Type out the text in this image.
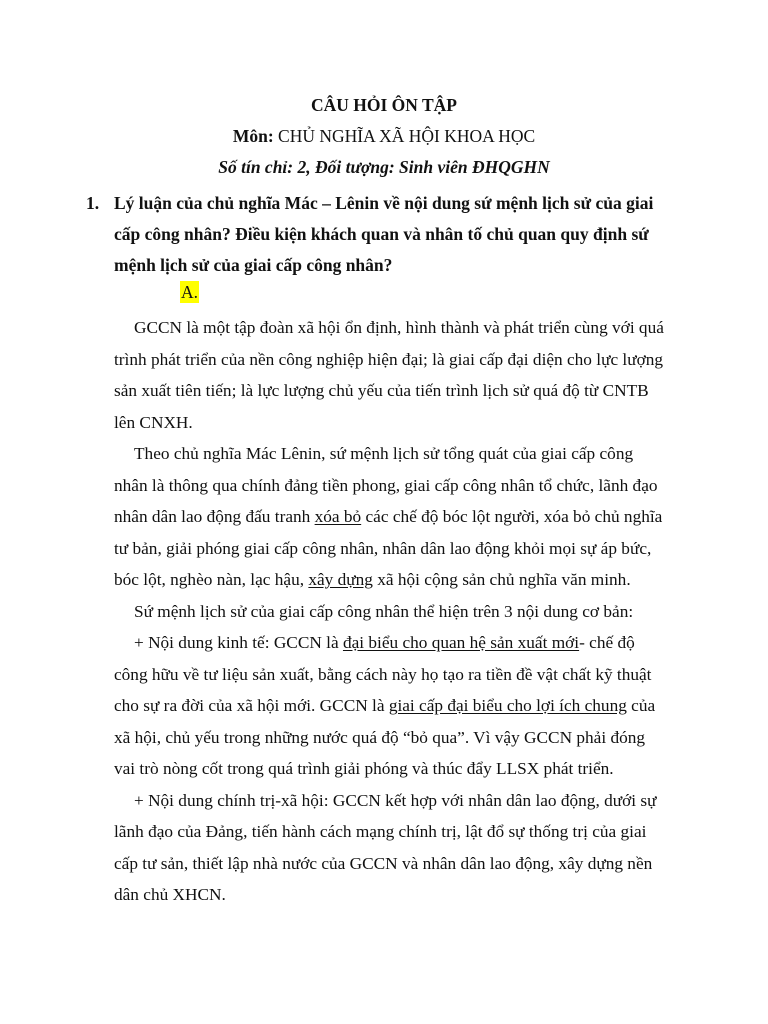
CÂU HỎI ÔN TẬP
Môn: CHỦ NGHĨA XÃ HỘI KHOA HỌC
Số tín chỉ: 2, Đối tượng: Sinh viên ĐHQGHN
1. Lý luận của chủ nghĩa Mác – Lênin về nội dung sứ mệnh lịch sử của giai
cấp công nhân? Điều kiện khách quan và nhân tố chủ quan quy định sứ
mệnh lịch sử của giai cấp công nhân?
A.
GCCN là một tập đoàn xã hội ổn định, hình thành và phát triển cùng với quá
trình phát triển của nền công nghiệp hiện đại; là giai cấp đại diện cho lực lượng
sản xuất tiên tiến; là lực lượng chủ yếu của tiến trình lịch sử quá độ từ CNTB
lên CNXH.
Theo chủ nghĩa Mác Lênin, sứ mệnh lịch sử tổng quát của giai cấp công
nhân là thông qua chính đảng tiền phong, giai cấp công nhân tổ chức, lãnh đạo
nhân dân lao động đấu tranh xóa bỏ các chế độ bóc lột người, xóa bỏ chủ nghĩa
tư bản, giải phóng giai cấp công nhân, nhân dân lao động khỏi mọi sự áp bức,
bóc lột, nghèo nàn, lạc hậu, xây dựng xã hội cộng sản chủ nghĩa văn minh.
Sứ mệnh lịch sử của giai cấp công nhân thể hiện trên 3 nội dung cơ bản:
+ Nội dung kinh tế: GCCN là đại biểu cho quan hệ sản xuất mới- chế độ
công hữu về tư liệu sản xuất, bằng cách này họ tạo ra tiền đề vật chất kỹ thuật
cho sự ra đời của xã hội mới. GCCN là giai cấp đại biểu cho lợi ích chung của
xã hội, chủ yếu trong những nước quá độ “bỏ qua”. Vì vậy GCCN phải đóng
vai trò nòng cốt trong quá trình giải phóng và thúc đẩy LLSX phát triển.
+ Nội dung chính trị-xã hội: GCCN kết hợp với nhân dân lao động, dưới sự
lãnh đạo của Đảng, tiến hành cách mạng chính trị, lật đổ sự thống trị của giai
cấp tư sản, thiết lập nhà nước của GCCN và nhân dân lao động, xây dựng nền
dân chủ XHCN.
